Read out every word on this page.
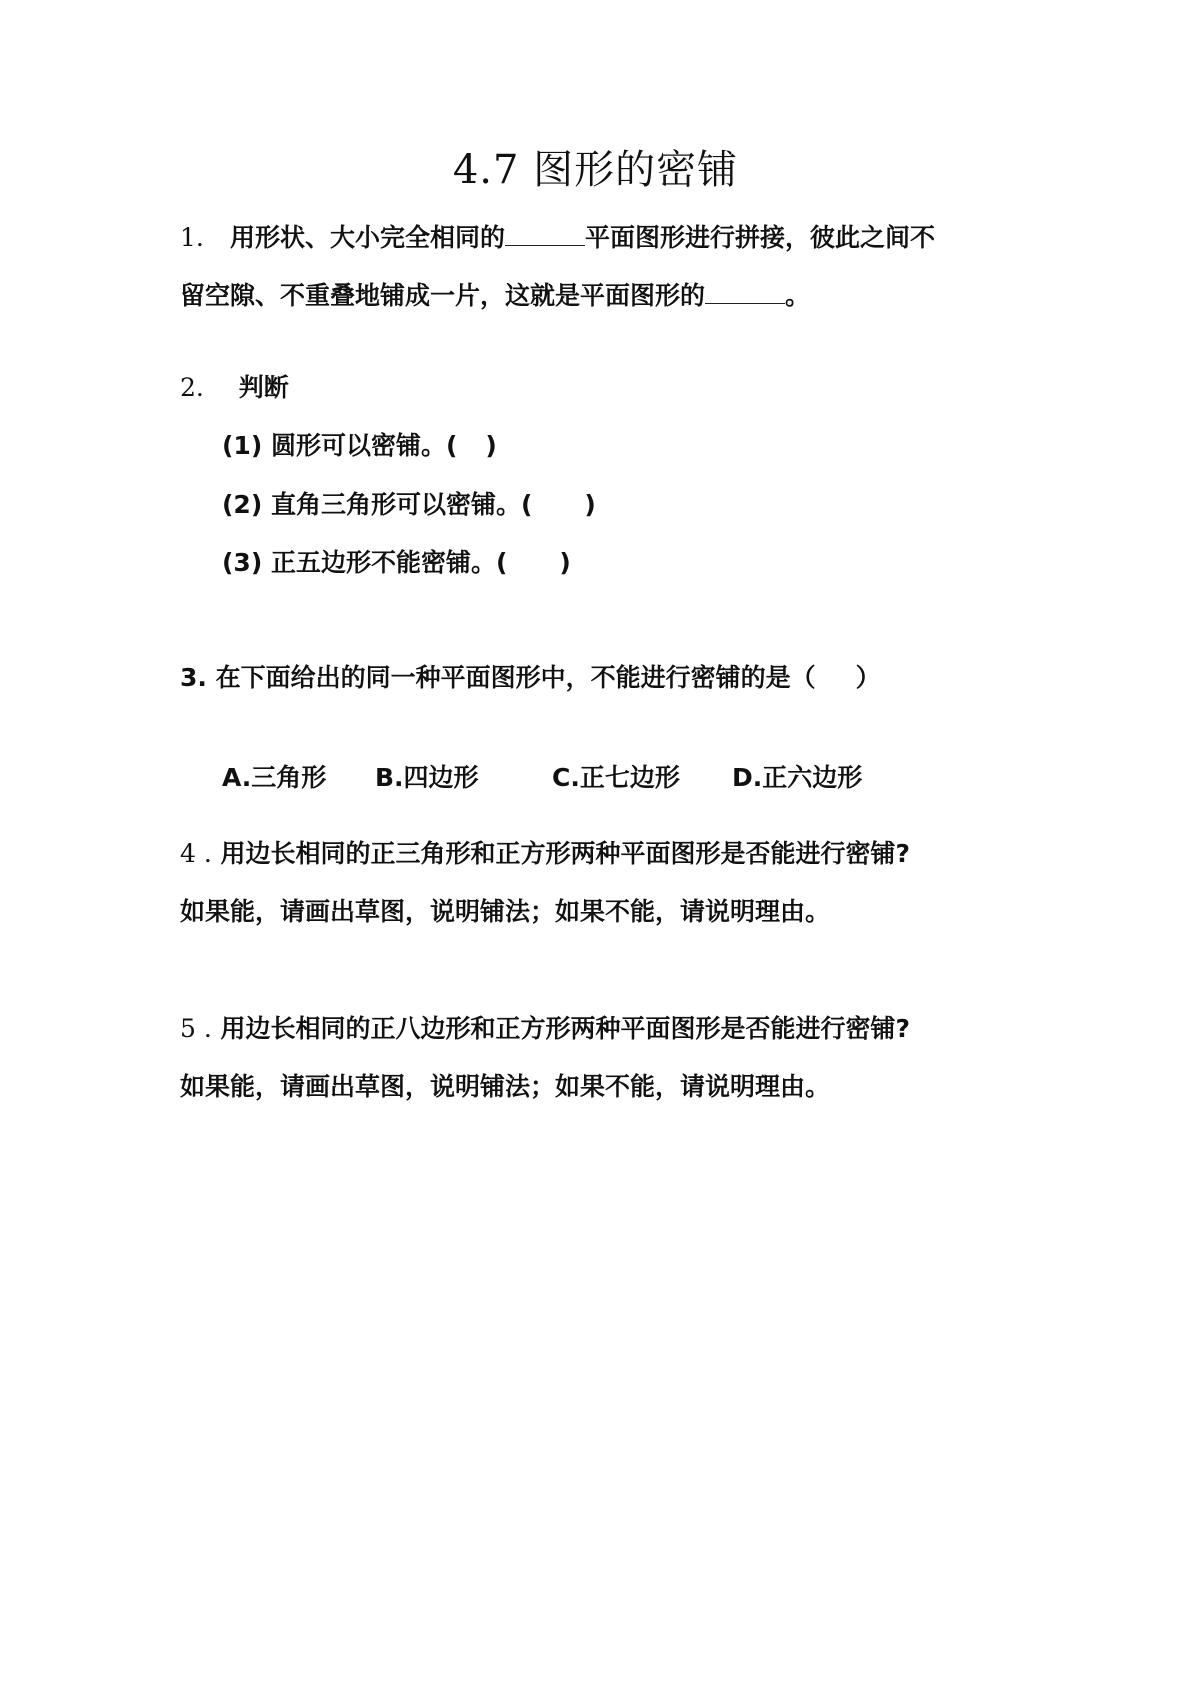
4.7 图形的密铺
1. 用形状、大小完全相同的	平面图形进行拼接，彼此之间不
留空隙、不重叠地铺成一片，这就是平面图形的	。
2. 判断
(1) 圆形可以密铺。( )
(2) 直角三角形可以密铺。( )
(3) 正五边形不能密铺。( )
3. 在下面给出的同一种平面图形中，不能进行密铺的是（ ）
A.三角形 B.四边形	C.正七边形 D.正六边形
4 . 用边长相同的正三角形和正方形两种平面图形是否能进行密铺?
如果能，请画出草图，说明铺法；如果不能，请说明理由。
5 . 用边长相同的正八边形和正方形两种平面图形是否能进行密铺?
如果能，请画出草图，说明铺法；如果不能，请说明理由。
